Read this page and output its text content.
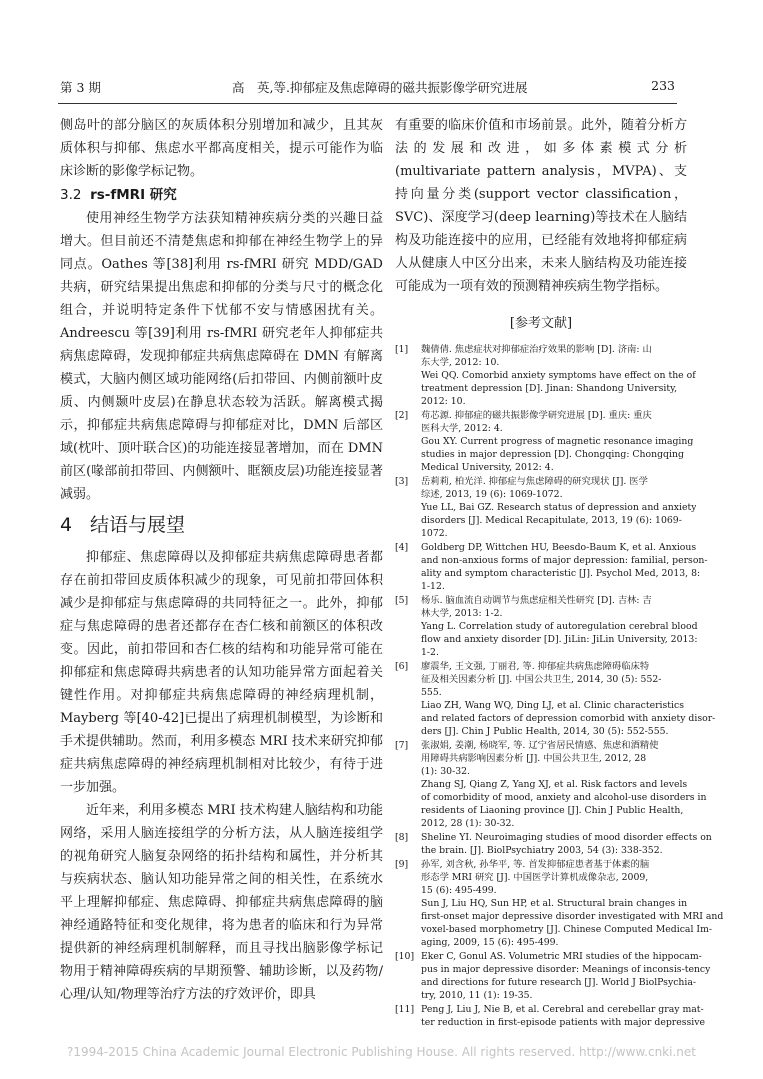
第 3 期	高　英,等.抑郁症及焦虑障碍的磁共振影像学研究进展	233

侧岛叶的部分脑区的灰质体积分别增加和减少，且其灰质体积与抑郁、焦虑水平都高度相关，提示可能作为临床诊断的影像学标记物。

3.2 rs-fMRI 研究

使用神经生物学方法获知精神疾病分类的兴趣日益增大。但目前还不清楚焦虑和抑郁在神经生物学上的异同点。Oathes 等[38]利用 rs-fMRI 研究 MDD/GAD 共病，研究结果提出焦虑和抑郁的分类与尺寸的概念化组合，并说明特定条件下忧郁不安与情感困扰有关。Andreescu 等[39]利用 rs-fMRI 研究老年人抑郁症共病焦虑障碍，发现抑郁症共病焦虑障碍在 DMN 有解离模式，大脑内侧区域功能网络(后扣带回、内侧前额叶皮质、内侧颞叶皮层)在静息状态较为活跃。解离模式揭示，抑郁症共病焦虑障碍与抑郁症对比，DMN 后部区域(枕叶、顶叶联合区)的功能连接显著增加，而在 DMN 前区(喙部前扣带回、内侧额叶、眶额皮层)功能连接显著减弱。

4 结语与展望

抑郁症、焦虑障碍以及抑郁症共病焦虑障碍患者都存在前扣带回皮质体积减少的现象，可见前扣带回体积减少是抑郁症与焦虑障碍的共同特征之一。此外，抑郁症与焦虑障碍的患者还都存在杏仁核和前额区的体积改变。因此，前扣带回和杏仁核的结构和功能异常可能在抑郁症和焦虑障碍共病患者的认知功能异常方面起着关键性作用。对抑郁症共病焦虑障碍的神经病理机制，Mayberg 等[40-42]已提出了病理机制模型，为诊断和手术提供辅助。然而，利用多模态 MRI 技术来研究抑郁症共病焦虑障碍的神经病理机制相对比较少，有待于进一步加强。

近年来，利用多模态 MRI 技术构建人脑结构和功能网络，采用人脑连接组学的分析方法，从人脑连接组学的视角研究人脑复杂网络的拓扑结构和属性，并分析其与疾病状态、脑认知功能异常之间的相关性，在系统水平上理解抑郁症、焦虑障碍、抑郁症共病焦虑障碍的脑神经通路特征和变化规律，将为患者的临床和行为异常提供新的神经病理机制解释，而且寻找出脑影像学标记物用于精神障碍疾病的早期预警、辅助诊断，以及药物/心理/认知/物理等治疗方法的疗效评价，即具

有重要的临床价值和市场前景。此外，随着分析方法的发展和改进，如多体素模式分析(multivariate pattern analysis，MVPA)、支持向量分类(support vector classification，SVC)、深度学习(deep learning)等技术在人脑结构及功能连接中的应用，已经能有效地将抑郁症病人从健康人中区分出来，未来人脑结构及功能连接可能成为一项有效的预测精神疾病生物学指标。

[参考文献]
[1]	魏倩倩. 焦虑症状对抑郁症治疗效果的影响 [D]. 济南: 山
东大学, 2012: 10.
Wei QQ. Comorbid anxiety symptoms have effect on the of
treatment depression [D]. Jinan: Shandong University,
2012: 10.
[2]	苟芯源. 抑郁症的磁共振影像学研究进展 [D]. 重庆: 重庆
医科大学, 2012: 4.
Gou XY. Current progress of magnetic resonance imaging
studies in major depression [D]. Chongqing: Chongqing
Medical University, 2012: 4.
[3]	岳莉莉, 柏光洋. 抑郁症与焦虑障碍的研究现状 [J]. 医学
综述, 2013, 19 (6): 1069-1072.
Yue LL, Bai GZ. Research status of depression and anxiety
disorders [J]. Medical Recapitulate, 2013, 19 (6): 1069-
1072.
[4]	Goldberg DP, Wittchen HU, Beesdo-Baum K, et al. Anxious
and non-anxious forms of major depression: familial, person-
ality and symptom characteristic [J]. Psychol Med, 2013, 8:
1-12.
[5]	杨乐. 脑血流自动调节与焦虑症相关性研究 [D]. 吉林: 吉
林大学, 2013: 1-2.
Yang L. Correlation study of autoregulation cerebral blood
flow and anxiety disorder [D]. JiLin: JiLin University, 2013:
1-2.
[6]	廖震华, 王文强, 丁丽君, 等. 抑郁症共病焦虑障碍临床特
征及相关因素分析 [J]. 中国公共卫生, 2014, 30 (5): 552-
555.
Liao ZH, Wang WQ, Ding LJ, et al. Clinic characteristics
and related factors of depression comorbid with anxiety disor-
ders [J]. Chin J Public Health, 2014, 30 (5): 552-555.
[7]	张淑娟, 姜潮, 杨晓军, 等. 辽宁省居民情感、焦虑和酒精使
用障碍共病影响因素分析 [J]. 中国公共卫生, 2012, 28
(1): 30-32.
Zhang SJ, Qiang Z, Yang XJ, et al. Risk factors and levels
of comorbidity of mood, anxiety and alcohol-use disorders in
residents of Liaoning province [J]. Chin J Public Health,
2012, 28 (1): 30-32.
[8]	Sheline YI. Neuroimaging studies of mood disorder effects on
the brain. [J]. BiolPsychiatry 2003, 54 (3): 338-352.
[9]	孙军, 刘含秋, 孙华平, 等. 首发抑郁症患者基于体素的脑
形态学 MRI 研究 [J]. 中国医学计算机成像杂志, 2009,
15 (6): 495-499.
Sun J, Liu HQ, Sun HP, et al. Structural brain changes in
first-onset major depressive disorder investigated with MRI and
voxel-based morphometry [J]. Chinese Computed Medical Im-
aging, 2009, 15 (6): 495-499.
[10] Eker C, Gonul AS. Volumetric MRI studies of the hippocam-
pus in major depressive disorder: Meanings of inconsis-tency
and directions for future research [J]. World J BiolPsychia-
try, 2010, 11 (1): 19-35.
[11] Peng J, Liu J, Nie B, et al. Cerebral and cerebellar gray mat-
ter reduction in first-episode patients with major depressive
?1994-2015 China Academic Journal Electronic Publishing House. All rights reserved. http://www.cnki.net
